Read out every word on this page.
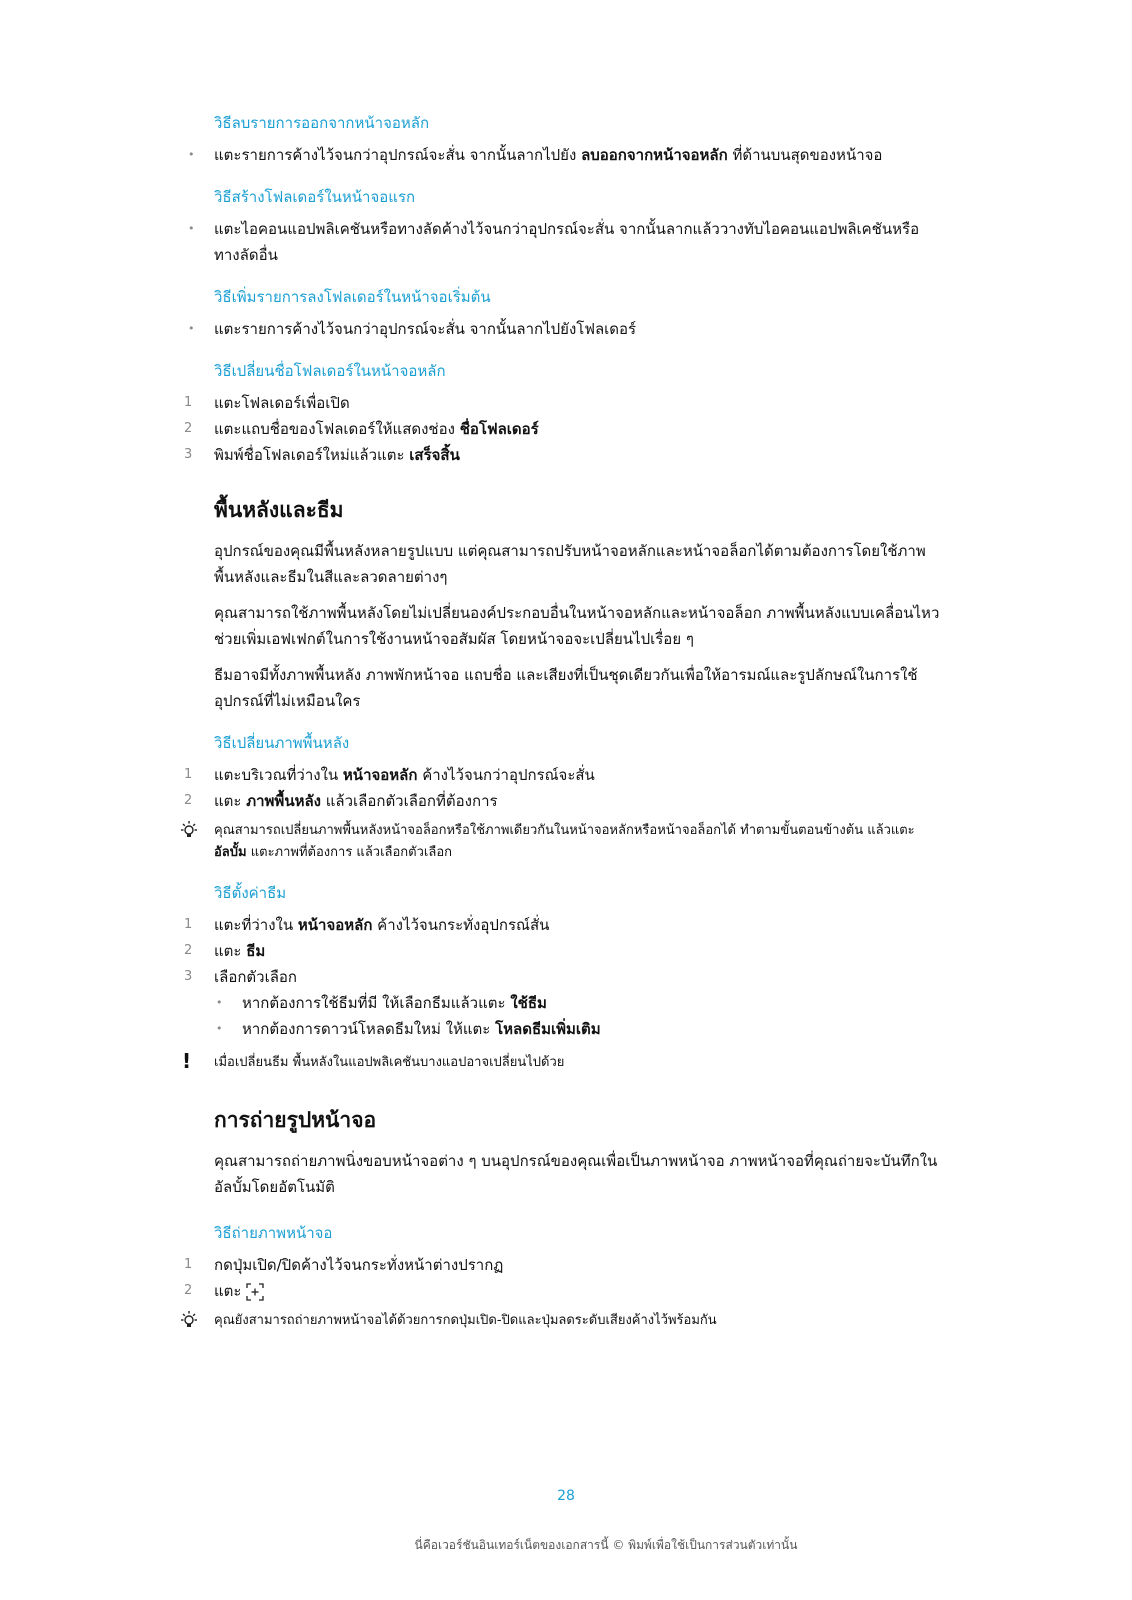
วิธีลบรายการออกจากหน้าจอหลัก

•	แตะรายการค้างไว้จนกว่าอุปกรณ์จะสั่น จากนั้นลากไปยัง ลบออกจากหน้าจอหลัก ที่ด้านบนสุดของหน้าจอ

วิธีสร้างโฟลเดอร์ในหน้าจอแรก

•	แตะไอคอนแอปพลิเคชันหรือทางลัดค้างไว้จนกว่าอุปกรณ์จะสั่น จากนั้นลากแล้ววางทับไอคอนแอปพลิเคชันหรือทางลัดอื่น

วิธีเพิ่มรายการลงโฟลเดอร์ในหน้าจอเริ่มต้น

•	แตะรายการค้างไว้จนกว่าอุปกรณ์จะสั่น จากนั้นลากไปยังโฟลเดอร์

วิธีเปลี่ยนชื่อโฟลเดอร์ในหน้าจอหลัก

1	แตะโฟลเดอร์เพื่อเปิด

2	แตะแถบชื่อของโฟลเดอร์ให้แสดงช่อง ชื่อโฟลเดอร์

3	พิมพ์ชื่อโฟลเดอร์ใหม่แล้วแตะ เสร็จสิ้น

พื้นหลังและธีม

อุปกรณ์ของคุณมีพื้นหลังหลายรูปแบบ แต่คุณสามารถปรับหน้าจอหลักและหน้าจอล็อกได้ตามต้องการโดยใช้ภาพพื้นหลังและธีมในสีและลวดลายต่างๆ

คุณสามารถใช้ภาพพื้นหลังโดยไม่เปลี่ยนองค์ประกอบอื่นในหน้าจอหลักและหน้าจอล็อก ภาพพื้นหลังแบบเคลื่อนไหวช่วยเพิ่มเอฟเฟกต์ในการใช้งานหน้าจอสัมผัส โดยหน้าจอจะเปลี่ยนไปเรื่อย ๆ

ธีมอาจมีทั้งภาพพื้นหลัง ภาพพักหน้าจอ แถบชื่อ และเสียงที่เป็นชุดเดียวกันเพื่อให้อารมณ์และรูปลักษณ์ในการใช้อุปกรณ์ที่ไม่เหมือนใคร

วิธีเปลี่ยนภาพพื้นหลัง

1	แตะบริเวณที่ว่างใน หน้าจอหลัก ค้างไว้จนกว่าอุปกรณ์จะสั่น

2	แตะ ภาพพื้นหลัง แล้วเลือกตัวเลือกที่ต้องการ

คุณสามารถเปลี่ยนภาพพื้นหลังหน้าจอล็อกหรือใช้ภาพเดียวกันในหน้าจอหลักหรือหน้าจอล็อกได้ ทำตามขั้นตอนข้างต้น แล้วแตะ อัลบั้ม แตะภาพที่ต้องการ แล้วเลือกตัวเลือก

วิธีตั้งค่าธีม

1	แตะที่ว่างใน หน้าจอหลัก ค้างไว้จนกระทั่งอุปกรณ์สั่น

2	แตะ ธีม

3	เลือกตัวเลือก

•	หากต้องการใช้ธีมที่มี ให้เลือกธีมแล้วแตะ ใช้ธีม

•	หากต้องการดาวน์โหลดธีมใหม่ ให้แตะ โหลดธีมเพิ่มเติม

! เมื่อเปลี่ยนธีม พื้นหลังในแอปพลิเคชันบางแอปอาจเปลี่ยนไปด้วย

การถ่ายรูปหน้าจอ

คุณสามารถถ่ายภาพนิ่งขอบหน้าจอต่าง ๆ บนอุปกรณ์ของคุณเพื่อเป็นภาพหน้าจอ ภาพหน้าจอที่คุณถ่ายจะบันทึกในอัลบั้มโดยอัตโนมัติ

วิธีถ่ายภาพหน้าจอ

1	กดปุ่มเปิด/ปิดค้างไว้จนกระทั่งหน้าต่างปรากฏ

2	แตะ

คุณยังสามารถถ่ายภาพหน้าจอได้ด้วยการกดปุ่มเปิด-ปิดและปุ่มลดระดับเสียงค้างไว้พร้อมกัน

28
นี่คือเวอร์ชันอินเทอร์เน็ตของเอกสารนี้ © พิมพ์เพื่อใช้เป็นการส่วนตัวเท่านั้น
